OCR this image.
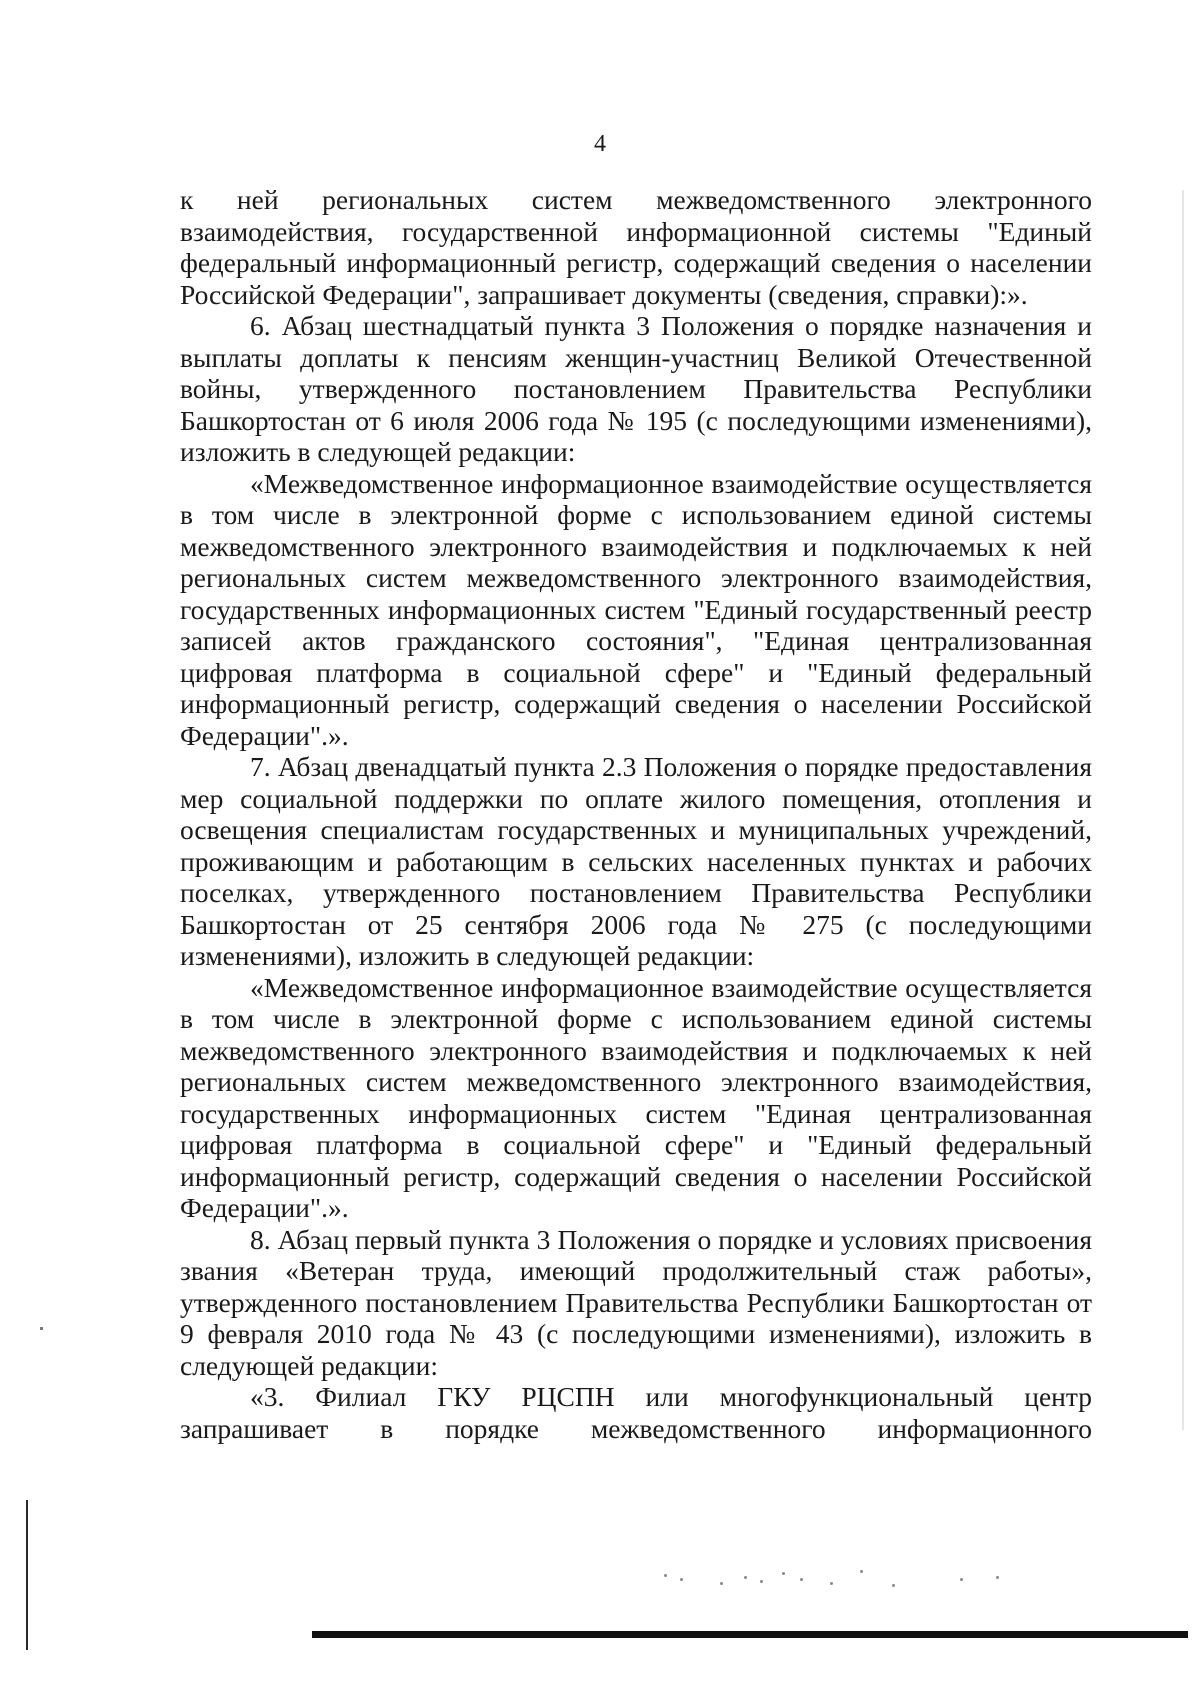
4

к ней региональных систем межведомственного электронного взаимодействия, государственной информационной системы "Единый федеральный информационный регистр, содержащий сведения о населении Российской Федерации", запрашивает документы (сведения, справки):».

6. Абзац шестнадцатый пункта 3 Положения о порядке назначения и выплаты доплаты к пенсиям женщин-участниц Великой Отечественной войны, утвержденного постановлением Правительства Республики Башкортостан от 6 июля 2006 года № 195 (с последующими изменениями), изложить в следующей редакции:

«Межведомственное информационное взаимодействие осуществляется в том числе в электронной форме с использованием единой системы межведомственного электронного взаимодействия и подключаемых к ней региональных систем межведомственного электронного взаимодействия, государственных информационных систем "Единый государственный реестр записей актов гражданского состояния", "Единая централизованная цифровая платформа в социальной сфере" и "Единый федеральный информационный регистр, содержащий сведения о населении Российской Федерации".».

7. Абзац двенадцатый пункта 2.3 Положения о порядке предоставления мер социальной поддержки по оплате жилого помещения, отопления и освещения специалистам государственных и муниципальных учреждений, проживающим и работающим в сельских населенных пунктах и рабочих поселках, утвержденного постановлением Правительства Республики Башкортостан от 25 сентября 2006 года № 275 (с последующими изменениями), изложить в следующей редакции:

«Межведомственное информационное взаимодействие осуществляется в том числе в электронной форме с использованием единой системы межведомственного электронного взаимодействия и подключаемых к ней региональных систем межведомственного электронного взаимодействия, государственных информационных систем "Единая централизованная цифровая платформа в социальной сфере" и "Единый федеральный информационный регистр, содержащий сведения о населении Российской Федерации".».

8. Абзац первый пункта 3 Положения о порядке и условиях присвоения звания «Ветеран труда, имеющий продолжительный стаж работы», утвержденного постановлением Правительства Республики Башкортостан от 9 февраля 2010 года № 43 (с последующими изменениями), изложить в следующей редакции:

«3. Филиал ГКУ РЦСПН или многофункциональный центр запрашивает в порядке межведомственного информационного
